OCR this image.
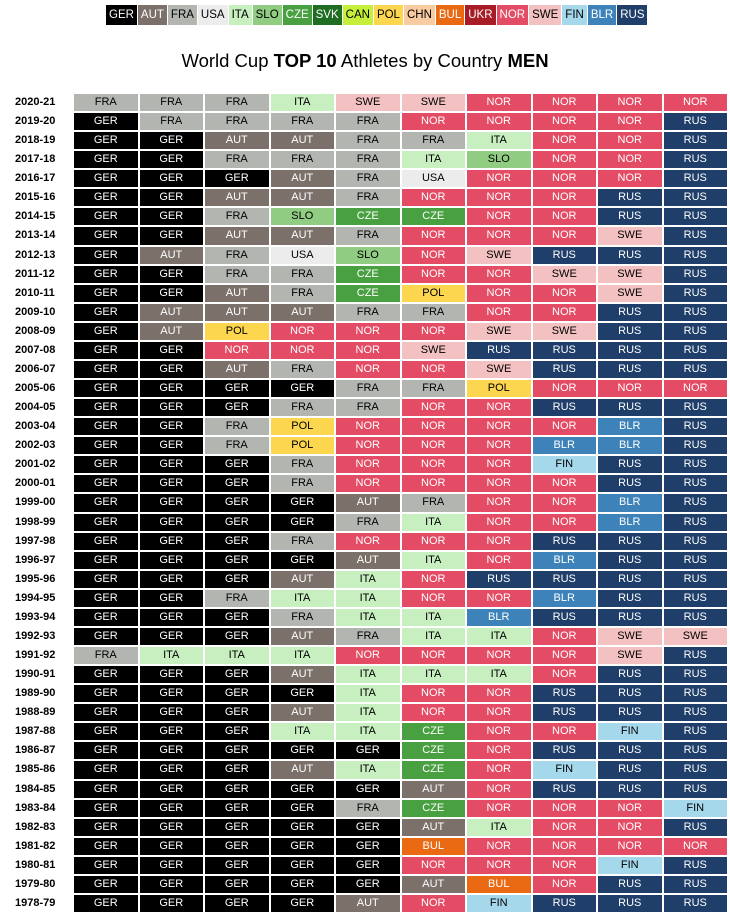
GER AUT FRA USA ITA SLO CZE SVK CAN POL CHN BUL UKR NOR SWE FIN BLR RUS
World Cup TOP 10 Athletes by Country MEN
2020-21	FRA	FRA	FRA	ITA	SWE	SWE	NOR	NOR	NOR	NOR
2019-20	GER	FRA	FRA	FRA	FRA	NOR	NOR	NOR	NOR	RUS
2018-19	GER	GER	AUT	AUT	FRA	FRA	ITA	NOR	NOR	RUS
2017-18	GER	GER	FRA	FRA	FRA	ITA	SLO	NOR	NOR	RUS
2016-17	GER	GER	GER	AUT	FRA	USA	NOR	NOR	NOR	RUS
2015-16	GER	GER	AUT	AUT	FRA	NOR	NOR	NOR	RUS	RUS
2014-15	GER	GER	FRA	SLO	CZE	CZE	NOR	NOR	RUS	RUS
2013-14	GER	GER	AUT	AUT	FRA	NOR	NOR	NOR	SWE	RUS
2012-13	GER	AUT	FRA	USA	SLO	NOR	SWE	RUS	RUS	RUS
2011-12	GER	GER	FRA	FRA	CZE	NOR	NOR	SWE	SWE	RUS
2010-11	GER	GER	AUT	FRA	CZE	POL	NOR	NOR	SWE	RUS
2009-10	GER	AUT	AUT	AUT	FRA	FRA	NOR	NOR	RUS	RUS
2008-09	GER	AUT	POL	NOR	NOR	NOR	SWE	SWE	RUS	RUS
2007-08	GER	GER	NOR	NOR	NOR	SWE	RUS	RUS	RUS	RUS
2006-07	GER	GER	AUT	FRA	NOR	NOR	SWE	RUS	RUS	RUS
2005-06	GER	GER	GER	GER	FRA	FRA	POL	NOR	NOR	NOR
2004-05	GER	GER	GER	FRA	FRA	NOR	NOR	RUS	RUS	RUS
2003-04	GER	GER	FRA	POL	NOR	NOR	NOR	NOR	BLR	RUS
2002-03	GER	GER	FRA	POL	NOR	NOR	NOR	BLR	BLR	RUS
2001-02	GER	GER	GER	FRA	NOR	NOR	NOR	FIN	RUS	RUS
2000-01	GER	GER	GER	FRA	NOR	NOR	NOR	NOR	RUS	RUS
1999-00	GER	GER	GER	GER	AUT	FRA	NOR	NOR	BLR	RUS
1998-99	GER	GER	GER	GER	FRA	ITA	NOR	NOR	BLR	RUS
1997-98	GER	GER	GER	FRA	NOR	NOR	NOR	RUS	RUS	RUS
1996-97	GER	GER	GER	GER	AUT	ITA	NOR	BLR	RUS	RUS
1995-96	GER	GER	GER	AUT	ITA	NOR	RUS	RUS	RUS	RUS
1994-95	GER	GER	FRA	ITA	ITA	NOR	NOR	BLR	RUS	RUS
1993-94	GER	GER	GER	FRA	ITA	ITA	BLR	RUS	RUS	RUS
1992-93	GER	GER	GER	AUT	FRA	ITA	ITA	NOR	SWE	SWE
1991-92	FRA	ITA	ITA	ITA	NOR	NOR	NOR	NOR	SWE	RUS
1990-91	GER	GER	GER	AUT	ITA	ITA	ITA	NOR	RUS	RUS
1989-90	GER	GER	GER	GER	ITA	NOR	NOR	RUS	RUS	RUS
1988-89	GER	GER	GER	AUT	ITA	NOR	NOR	RUS	RUS	RUS
1987-88	GER	GER	GER	ITA	ITA	CZE	NOR	NOR	FIN	RUS
1986-87	GER	GER	GER	GER	GER	CZE	NOR	RUS	RUS	RUS
1985-86	GER	GER	GER	AUT	ITA	CZE	NOR	FIN	RUS	RUS
1984-85	GER	GER	GER	GER	GER	AUT	NOR	RUS	RUS	RUS
1983-84	GER	GER	GER	GER	FRA	CZE	NOR	NOR	NOR	FIN
1982-83	GER	GER	GER	GER	GER	AUT	ITA	NOR	NOR	RUS
1981-82	GER	GER	GER	GER	GER	BUL	NOR	NOR	NOR	NOR
1980-81	GER	GER	GER	GER	GER	NOR	NOR	NOR	FIN	RUS
1979-80	GER	GER	GER	GER	GER	AUT	BUL	NOR	RUS	RUS
1978-79	GER	GER	GER	GER	AUT	NOR	FIN	RUS	RUS	RUS
